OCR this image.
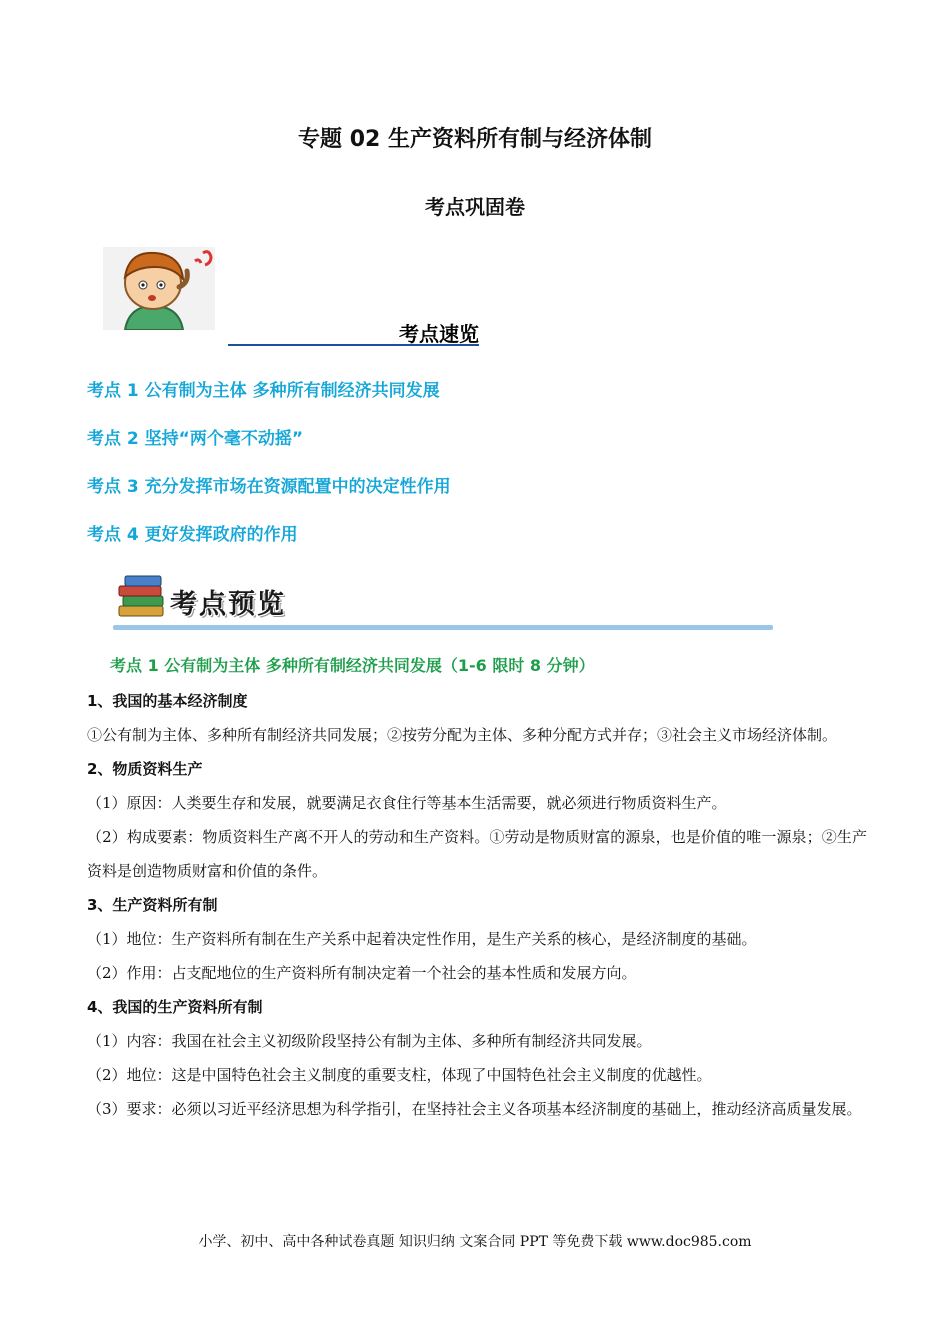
专题 02 生产资料所有制与经济体制
考点巩固卷
考点速览
考点 1 公有制为主体 多种所有制经济共同发展
考点 2 坚持“两个毫不动摇”
考点 3 充分发挥市场在资源配置中的决定性作用
考点 4 更好发挥政府的作用
考点预览
考点 1 公有制为主体 多种所有制经济共同发展（1-6 限时 8 分钟）

1、我国的基本经济制度

①公有制为主体、多种所有制经济共同发展；②按劳分配为主体、多种分配方式并存；③社会主义市场经济体制。

2、物质资料生产

（1）原因：人类要生存和发展，就要满足衣食住行等基本生活需要，就必须进行物质资料生产。

（2）构成要素：物质资料生产离不开人的劳动和生产资料。①劳动是物质财富的源泉，也是价值的唯一源泉；②生产资料是创造物质财富和价值的条件。

3、生产资料所有制

（1）地位：生产资料所有制在生产关系中起着决定性作用，是生产关系的核心，是经济制度的基础。

（2）作用：占支配地位的生产资料所有制决定着一个社会的基本性质和发展方向。

4、我国的生产资料所有制

（1）内容：我国在社会主义初级阶段坚持公有制为主体、多种所有制经济共同发展。

（2）地位：这是中国特色社会主义制度的重要支柱，体现了中国特色社会主义制度的优越性。

（3）要求：必须以习近平经济思想为科学指引，在坚持社会主义各项基本经济制度的基础上，推动经济高质量发展。

小学、初中、高中各种试卷真题 知识归纳 文案合同 PPT 等免费下载 www.doc985.com
